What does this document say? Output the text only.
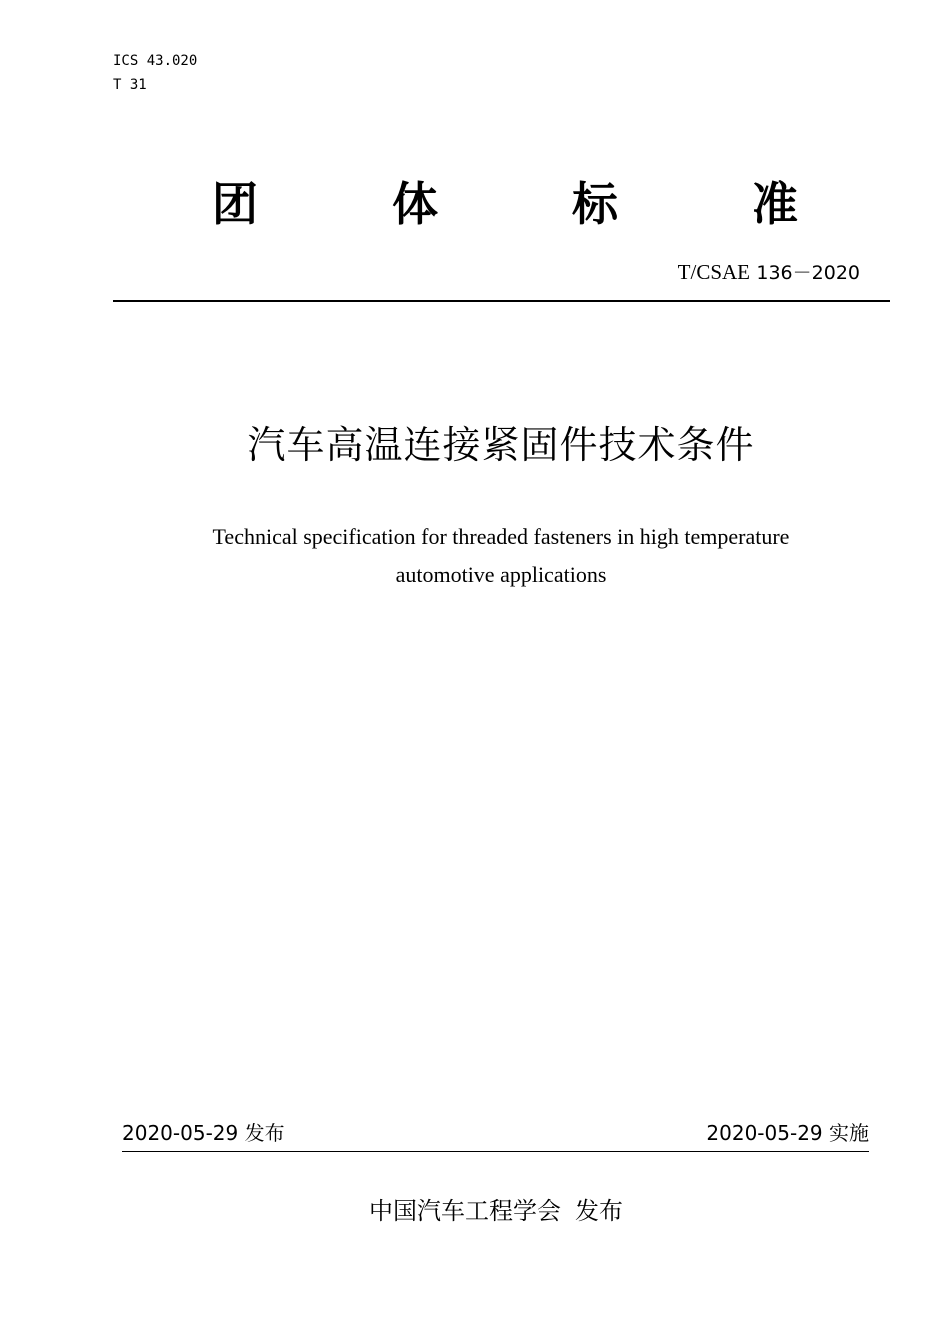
ICS 43.020
T 31
团	体	标	准
T/CSAE 136－2020
汽车高温连接紧固件技术条件
Technical specification for threaded fasteners in high temperature
automotive applications
2020-05-29 发布	2020-05-29 实施
中国汽车工程学会 发布
